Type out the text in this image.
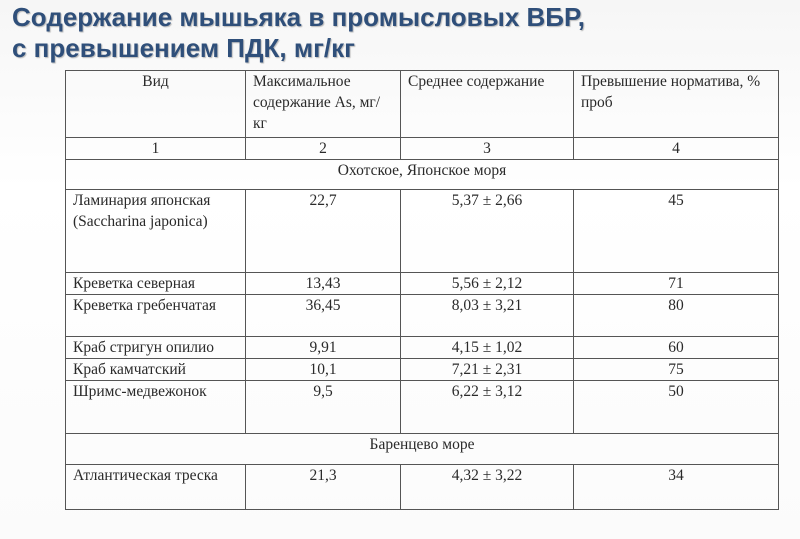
Содержание мышьяка в промысловых ВБР,
с превышением ПДК, мг/кг
Вид	Максимальное содержание As, мг/кг	Среднее содержание	Превышение норматива, % проб
1	2	3	4
Охотское, Японское моря			
Ламинария японская (Saccharina japonica)	22,7	5,37 ± 2,66	45
Креветка северная	13,43	5,56 ± 2,12	71
Креветка гребенчатая	36,45	8,03 ± 3,21	80
Краб стригун опилио	9,91	4,15 ± 1,02	60
Краб камчатский	10,1	7,21 ± 2,31	75
Шримс-медвежонок	9,5	6,22 ± 3,12	50
Баренцево море			
Атлантическая треска	21,3	4,32 ± 3,22	34
